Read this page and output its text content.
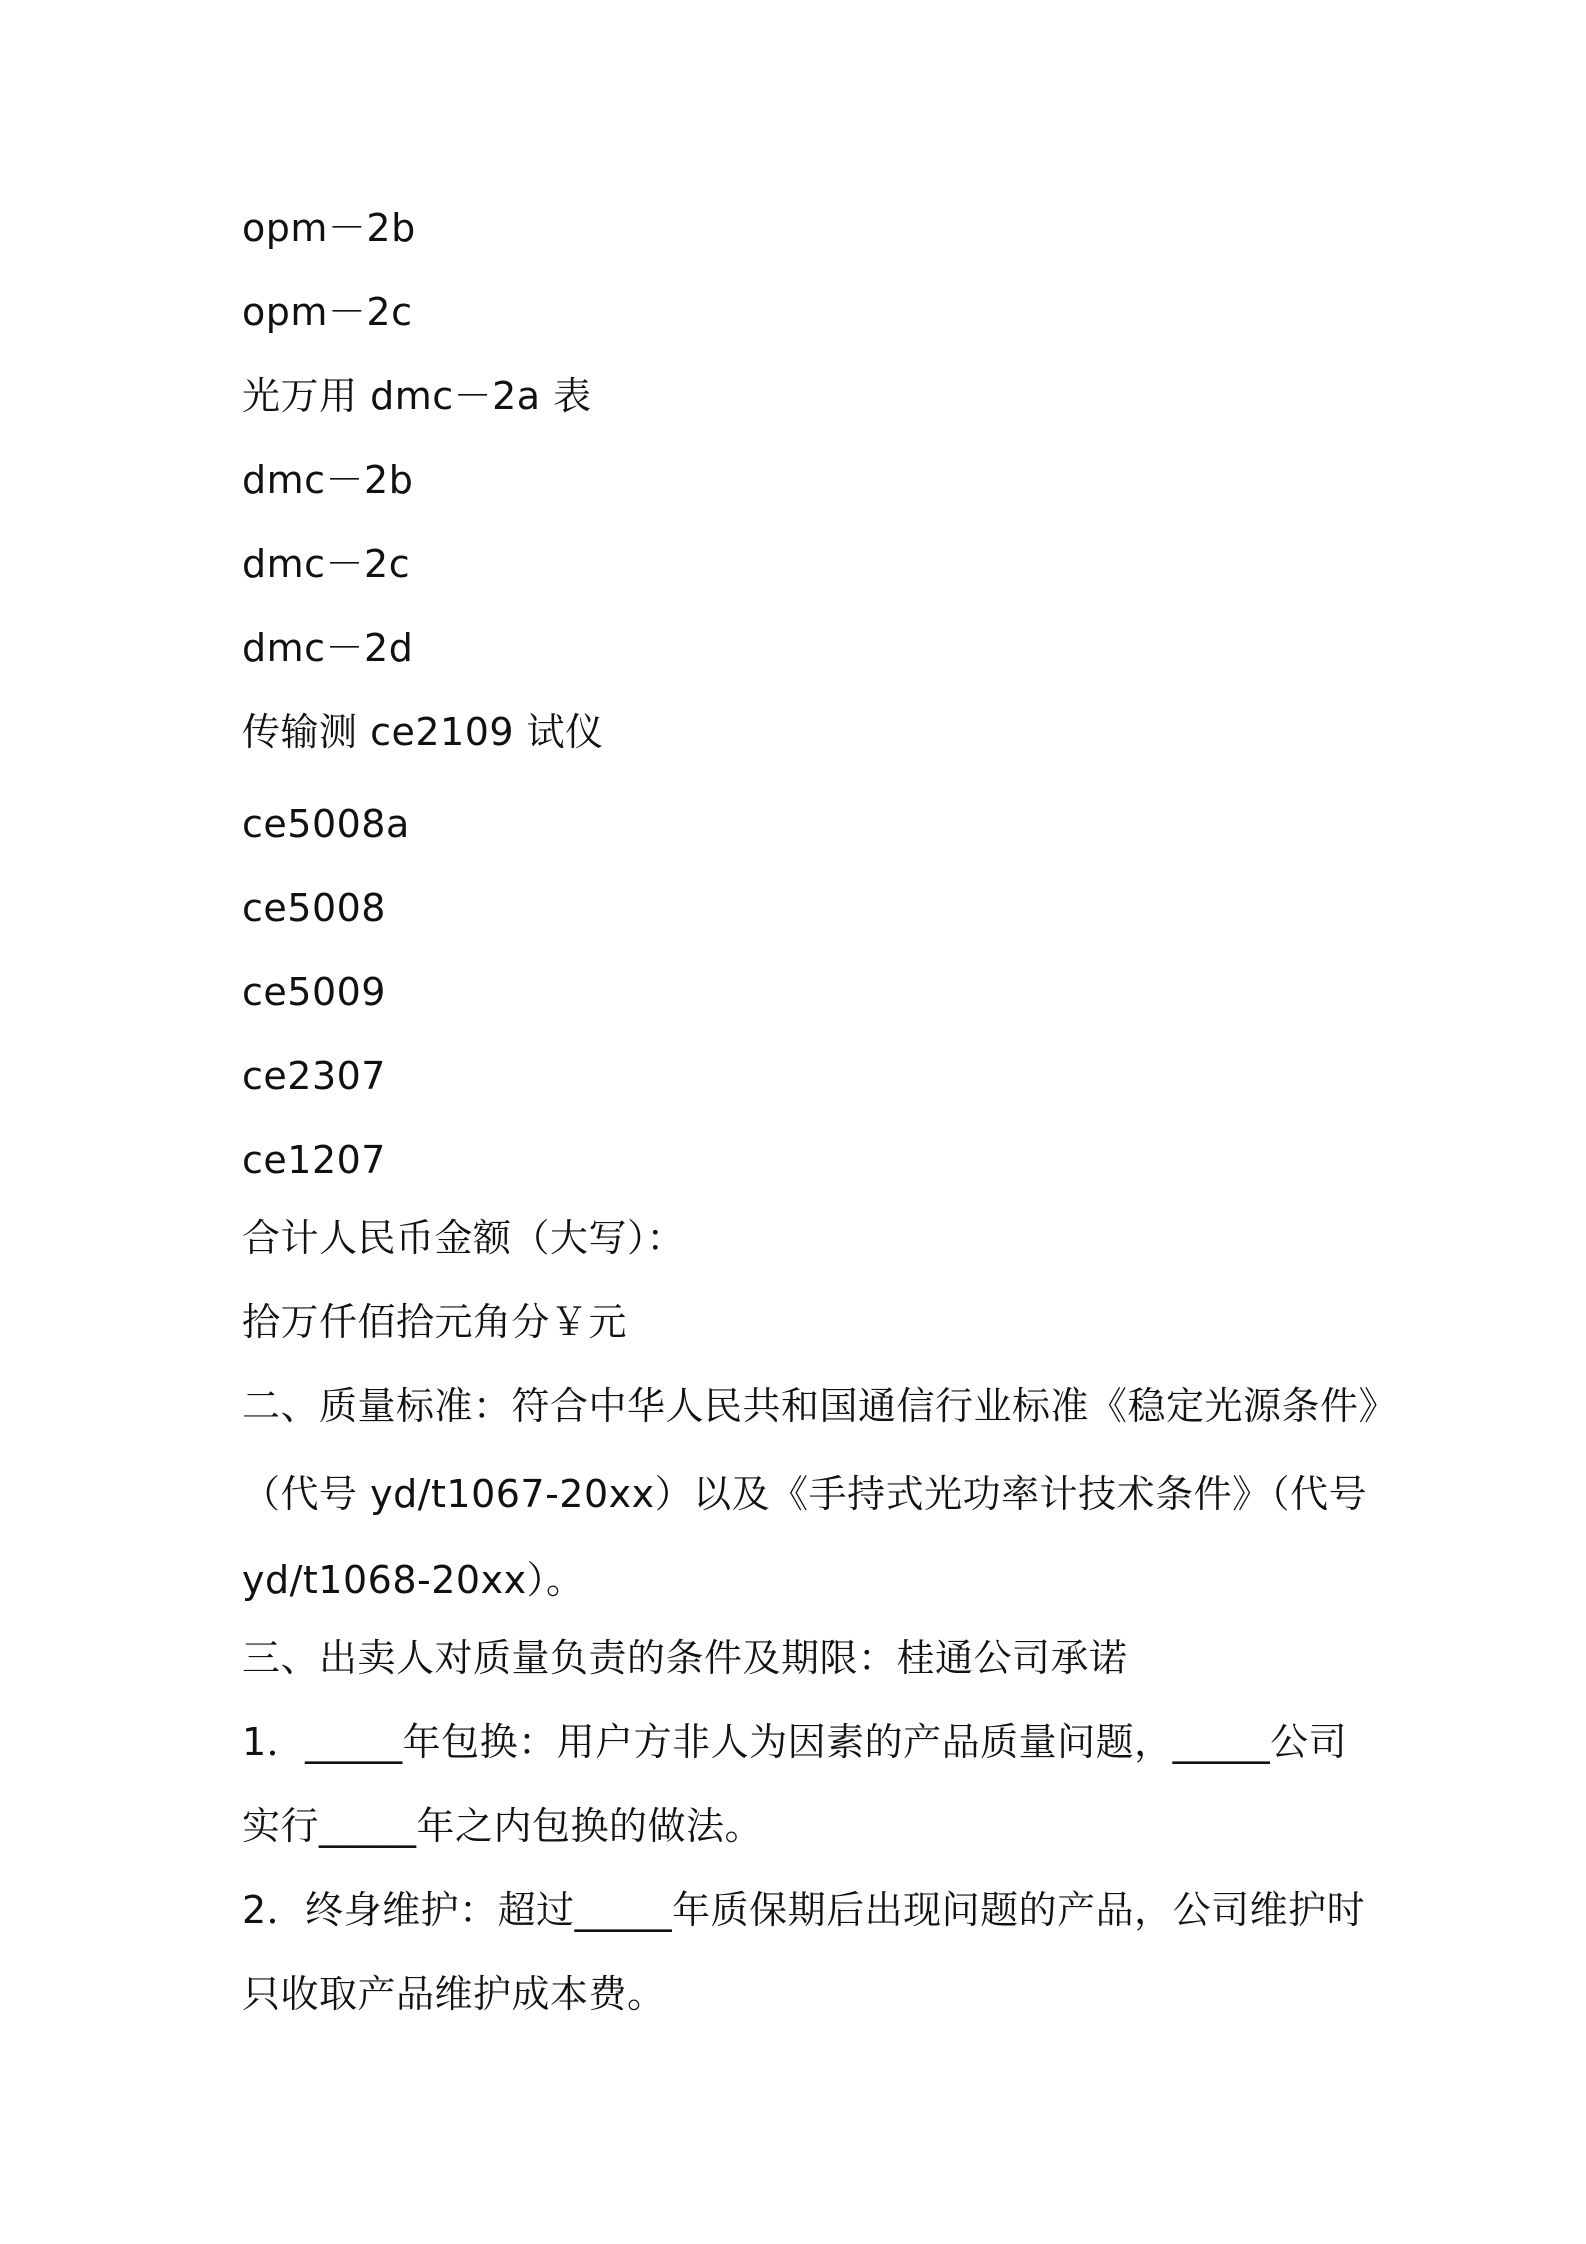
opm－2b
opm－2c
光万用 dmc－2a 表
dmc－2b
dmc－2c
dmc－2d
传输测 ce2109 试仪
ce5008a
ce5008
ce5009
ce2307
ce1207
合计人民币金额（大写）：
拾万仟佰拾元角分￥元
二、质量标准：符合中华人民共和国通信行业标准《稳定光源条件》
（代号 yd/t1067-20xx）以及《手持式光功率计技术条件》（代号
yd/t1068-20xx）。
三、出卖人对质量负责的条件及期限：桂通公司承诺
1．_____年包换：用户方非人为因素的产品质量问题，_____公司
实行_____年之内包换的做法。
2．终身维护：超过_____年质保期后出现问题的产品，公司维护时
只收取产品维护成本费。
